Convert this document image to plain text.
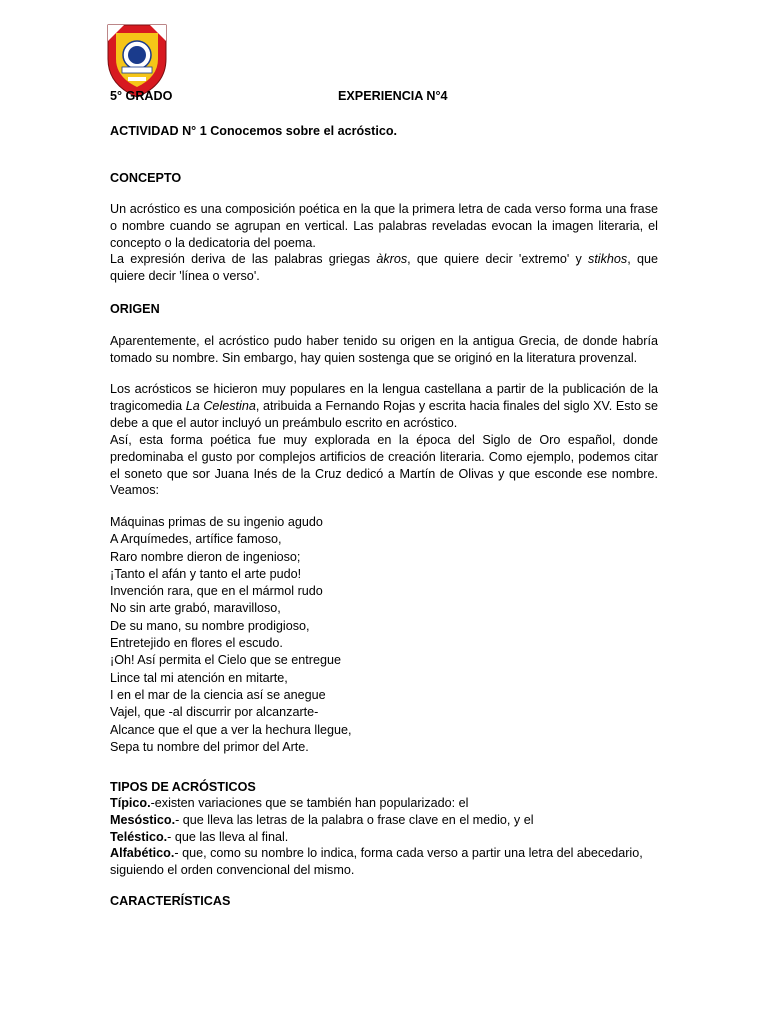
5° GRADO	EXPERIENCIA N°4
ACTIVIDAD N° 1 Conocemos sobre el acróstico.
CONCEPTO
Un acróstico es una composición poética en la que la primera letra de cada verso forma una frase o nombre cuando se agrupan en vertical. Las palabras reveladas evocan la imagen literaria, el concepto o la dedicatoria del poema.
La expresión deriva de las palabras griegas àkros, que quiere decir 'extremo' y stikhos, que quiere decir 'línea o verso'.
ORIGEN
Aparentemente, el acróstico pudo haber tenido su origen en la antigua Grecia, de donde habría tomado su nombre. Sin embargo, hay quien sostenga que se originó en la literatura provenzal.
Los acrósticos se hicieron muy populares en la lengua castellana a partir de la publicación de la tragicomedia La Celestina, atribuida a Fernando Rojas y escrita hacia finales del siglo XV. Esto se debe a que el autor incluyó un preámbulo escrito en acróstico.
Así, esta forma poética fue muy explorada en la época del Siglo de Oro español, donde predominaba el gusto por complejos artificios de creación literaria. Como ejemplo, podemos citar el soneto que sor Juana Inés de la Cruz dedicó a Martín de Olivas y que esconde ese nombre. Veamos:
Máquinas primas de su ingenio agudo
A Arquímedes, artífice famoso,
Raro nombre dieron de ingenioso;
¡Tanto el afán y tanto el arte pudo!
Invención rara, que en el mármol rudo
No sin arte grabó, maravilloso,
De su mano, su nombre prodigioso,
Entretejido en flores el escudo.
¡Oh! Así permita el Cielo que se entregue
Lince tal mi atención en mitarte,
I en el mar de la ciencia así se anegue
Vajel, que -al discurrir por alcanzarte-
Alcance que el que a ver la hechura llegue,
Sepa tu nombre del primor del Arte.
TIPOS DE ACRÓSTICOS
Típico.-existen variaciones que se también han popularizado: el
Mesóstico.- que lleva las letras de la palabra o frase clave en el medio, y el
Teléstico.- que las lleva al final.
Alfabético.- que, como su nombre lo indica, forma cada verso a partir una letra del abecedario, siguiendo el orden convencional del mismo.
CARACTERÍSTICAS
